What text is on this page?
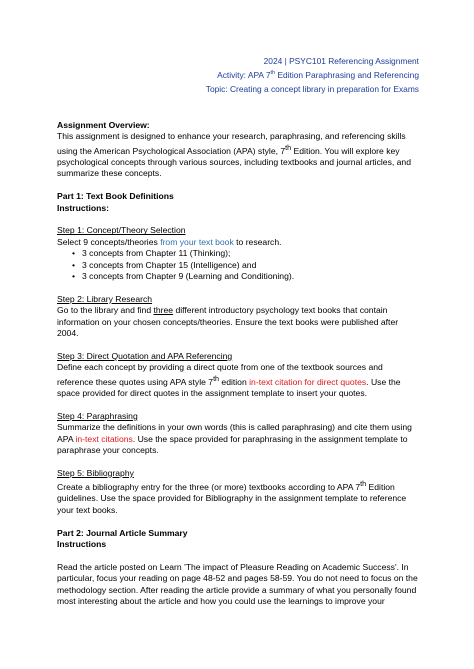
2024 | PSYC101 Referencing Assignment

Activity: APA 7th Edition Paraphrasing and Referencing

Topic: Creating a concept library in preparation for Exams

Assignment Overview:

This assignment is designed to enhance your research, paraphrasing, and referencing skills using the American Psychological Association (APA) style, 7th Edition. You will explore key psychological concepts through various sources, including textbooks and journal articles, and summarize these concepts.

Part 1: Text Book Definitions

Instructions:

Step 1: Concept/Theory Selection

Select 9 concepts/theories from your text book to research.

• 3 concepts from Chapter 11 (Thinking);
• 3 concepts from Chapter 15 (Intelligence) and
• 3 concepts from Chapter 9 (Learning and Conditioning).

Step 2: Library Research

Go to the library and find three different introductory psychology text books that contain information on your chosen concepts/theories. Ensure the text books were published after 2004.

Step 3: Direct Quotation and APA Referencing

Define each concept by providing a direct quote from one of the textbook sources and reference these quotes using APA style 7th edition in-text citation for direct quotes. Use the space provided for direct quotes in the assignment template to insert your quotes.

Step 4: Paraphrasing

Summarize the definitions in your own words (this is called paraphrasing) and cite them using APA in-text citations. Use the space provided for paraphrasing in the assignment template to paraphrase your concepts.

Step 5: Bibliography

Create a bibliography entry for the three (or more) textbooks according to APA 7th Edition guidelines. Use the space provided for Bibliography in the assignment template to reference your text books.

Part 2: Journal Article Summary

Instructions

Read the article posted on Learn 'The impact of Pleasure Reading on Academic Success'. In particular, focus your reading on page 48-52 and pages 58-59. You do not need to focus on the methodology section. After reading the article provide a summary of what you personally found most interesting about the article and how you could use the learnings to improve your
